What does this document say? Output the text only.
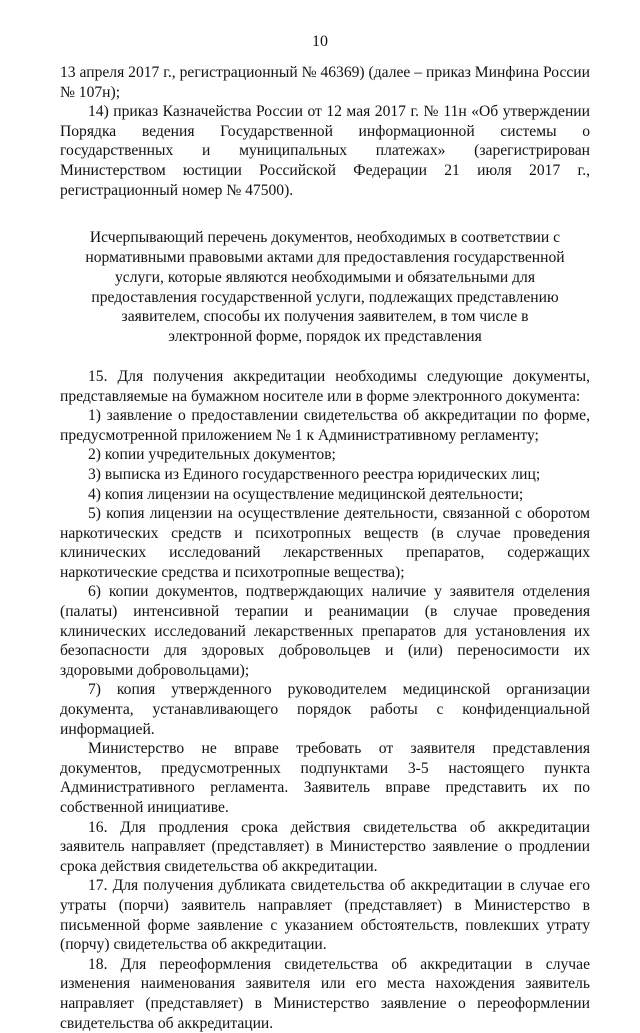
10

13 апреля 2017 г., регистрационный № 46369) (далее – приказ Минфина России № 107н);

14) приказ Казначейства России от 12 мая 2017 г. № 11н «Об утверждении Порядка ведения Государственной информационной системы о государственных и муниципальных платежах» (зарегистрирован Министерством юстиции Российской Федерации 21 июля 2017 г., регистрационный номер № 47500).

Исчерпывающий перечень документов, необходимых в соответствии с нормативными правовыми актами для предоставления государственной услуги, которые являются необходимыми и обязательными для предоставления государственной услуги, подлежащих представлению заявителем, способы их получения заявителем, в том числе в электронной форме, порядок их представления

15. Для получения аккредитации необходимы следующие документы, представляемые на бумажном носителе или в форме электронного документа:

1) заявление о предоставлении свидетельства об аккредитации по форме, предусмотренной приложением № 1 к Административному регламенту;

2) копии учредительных документов;

3) выписка из Единого государственного реестра юридических лиц;

4) копия лицензии на осуществление медицинской деятельности;

5) копия лицензии на осуществление деятельности, связанной с оборотом наркотических средств и психотропных веществ (в случае проведения клинических исследований лекарственных препаратов, содержащих наркотические средства и психотропные вещества);

6) копии документов, подтверждающих наличие у заявителя отделения (палаты) интенсивной терапии и реанимации (в случае проведения клинических исследований лекарственных препаратов для установления их безопасности для здоровых добровольцев и (или) переносимости их здоровыми добровольцами);

7) копия утвержденного руководителем медицинской организации документа, устанавливающего порядок работы с конфиденциальной информацией.

Министерство не вправе требовать от заявителя представления документов, предусмотренных подпунктами 3-5 настоящего пункта Административного регламента. Заявитель вправе представить их по собственной инициативе.

16. Для продления срока действия свидетельства об аккредитации заявитель направляет (представляет) в Министерство заявление о продлении срока действия свидетельства об аккредитации.

17. Для получения дубликата свидетельства об аккредитации в случае его утраты (порчи) заявитель направляет (представляет) в Министерство в письменной форме заявление с указанием обстоятельств, повлекших утрату (порчу) свидетельства об аккредитации.

18. Для переоформления свидетельства об аккредитации в случае изменения наименования заявителя или его места нахождения заявитель направляет (представляет) в Министерство заявление о переоформлении свидетельства об аккредитации.
